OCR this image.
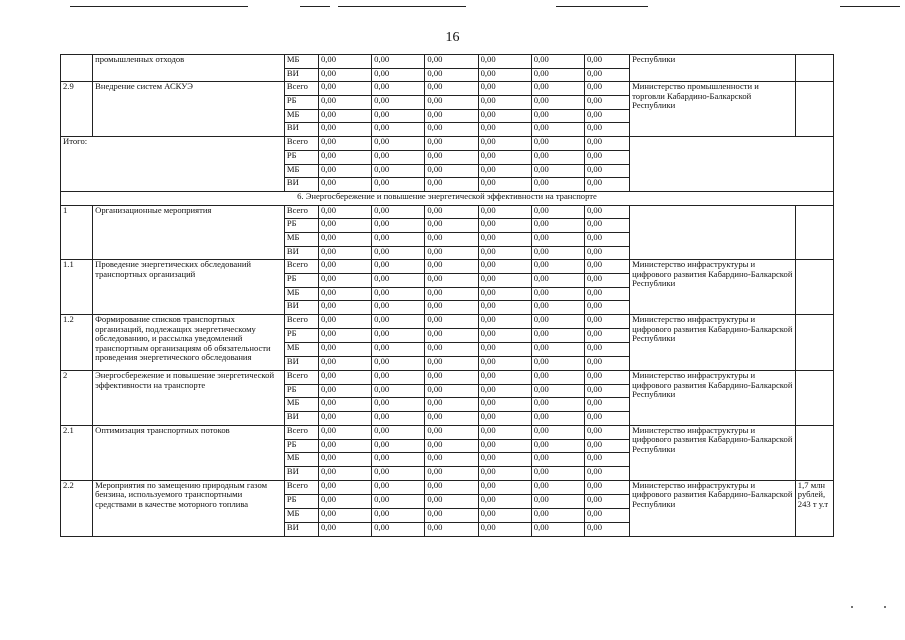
16
	промышленных отходов	МБ	0,00	0,00	0,00	0,00	0,00	0,00	Республики	
		ВИ	0,00	0,00	0,00	0,00	0,00	0,00		
2.9	Внедрение систем АСКУЭ	Всего	0,00	0,00	0,00	0,00	0,00	0,00	Министерство промышленности и торговли Кабардино-Балкарской Республики	
		РБ	0,00	0,00	0,00	0,00	0,00	0,00		
		МБ	0,00	0,00	0,00	0,00	0,00	0,00		
		ВИ	0,00	0,00	0,00	0,00	0,00	0,00		
Итого:		Всего	0,00	0,00	0,00	0,00	0,00	0,00		
		РБ	0,00	0,00	0,00	0,00	0,00	0,00		
		МБ	0,00	0,00	0,00	0,00	0,00	0,00		
		ВИ	0,00	0,00	0,00	0,00	0,00	0,00		
6. Энергосбережение и повышение энергетической эффективности на транспорте										
1	Организационные мероприятия	Всего	0,00	0,00	0,00	0,00	0,00	0,00		
		РБ	0,00	0,00	0,00	0,00	0,00	0,00		
		МБ	0,00	0,00	0,00	0,00	0,00	0,00		
		ВИ	0,00	0,00	0,00	0,00	0,00	0,00		
1.1	Проведение энергетических обследований транспортных организаций	Всего	0,00	0,00	0,00	0,00	0,00	0,00	Министерство инфраструктуры и цифрового развития Кабардино-Балкарской Республики	
		РБ	0,00	0,00	0,00	0,00	0,00	0,00		
		МБ	0,00	0,00	0,00	0,00	0,00	0,00		
		ВИ	0,00	0,00	0,00	0,00	0,00	0,00		
1.2	Формирование списков транспортных организаций, подлежащих энергетическому обследованию, и рассылка уведомлений транспортным организациям об обязательности проведения энергетического обследования	Всего	0,00	0,00	0,00	0,00	0,00	0,00	Министерство инфраструктуры и цифрового развития Кабардино-Балкарской Республики	
		РБ	0,00	0,00	0,00	0,00	0,00	0,00		
		МБ	0,00	0,00	0,00	0,00	0,00	0,00		
		ВИ	0,00	0,00	0,00	0,00	0,00	0,00		
2	Энергосбережение и повышение энергетической эффективности на транспорте	Всего	0,00	0,00	0,00	0,00	0,00	0,00	Министерство инфраструктуры и цифрового развития Кабардино-Балкарской Республики	
		РБ	0,00	0,00	0,00	0,00	0,00	0,00		
		МБ	0,00	0,00	0,00	0,00	0,00	0,00		
		ВИ	0,00	0,00	0,00	0,00	0,00	0,00		
2.1	Оптимизация транспортных потоков	Всего	0,00	0,00	0,00	0,00	0,00	0,00	Министерство инфраструктуры и цифрового развития Кабардино-Балкарской Республики	
		РБ	0,00	0,00	0,00	0,00	0,00	0,00		
		МБ	0,00	0,00	0,00	0,00	0,00	0,00		
		ВИ	0,00	0,00	0,00	0,00	0,00	0,00		
2.2	Мероприятия по замещению природным газом бензина, используемого транспортными средствами в качестве моторного топлива	Всего	0,00	0,00	0,00	0,00	0,00	0,00	Министерство инфраструктуры и цифрового развития Кабардино-Балкарской Республики	1,7 млн рублей, 243 т у.т
		РБ	0,00	0,00	0,00	0,00	0,00	0,00		
		МБ	0,00	0,00	0,00	0,00	0,00	0,00		
		ВИ	0,00	0,00	0,00	0,00	0,00	0,00		
